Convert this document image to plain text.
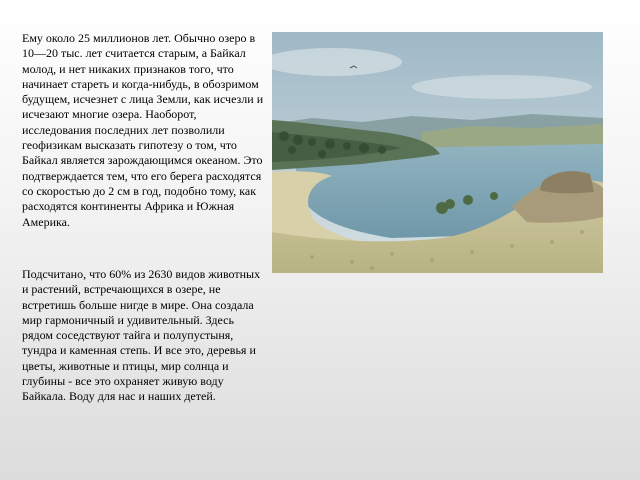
Ему около 25 миллионов лет. Обычно озеро в 10—20 тыс. лет считается старым, а Байкал молод, и нет никаких признаков того, что начинает стареть и когда-нибудь, в обозримом будущем, исчезнет с лица Земли, как исчезли и исчезают многие озера. Наоборот, исследования последних лет позволили геофизикам высказать гипотезу о том, что Байкал является зарождающимся океаном. Это подтверждается тем, что его берега расходятся со скоростью до 2 см в год, подобно тому, как расходятся континенты Африка и Южная Америка.

Подсчитано, что 60% из 2630 видов животных и растений, встречающихся в озере, не встретишь больше нигде в мире. Она создала мир гармоничный и удивительный. Здесь рядом соседствуют тайга и полупустыня, тундра и каменная степь. И все это, деревья и цветы, животные и птицы, мир солнца и глубины - все это охраняет живую воду Байкала. Воду для нас и наших детей.
